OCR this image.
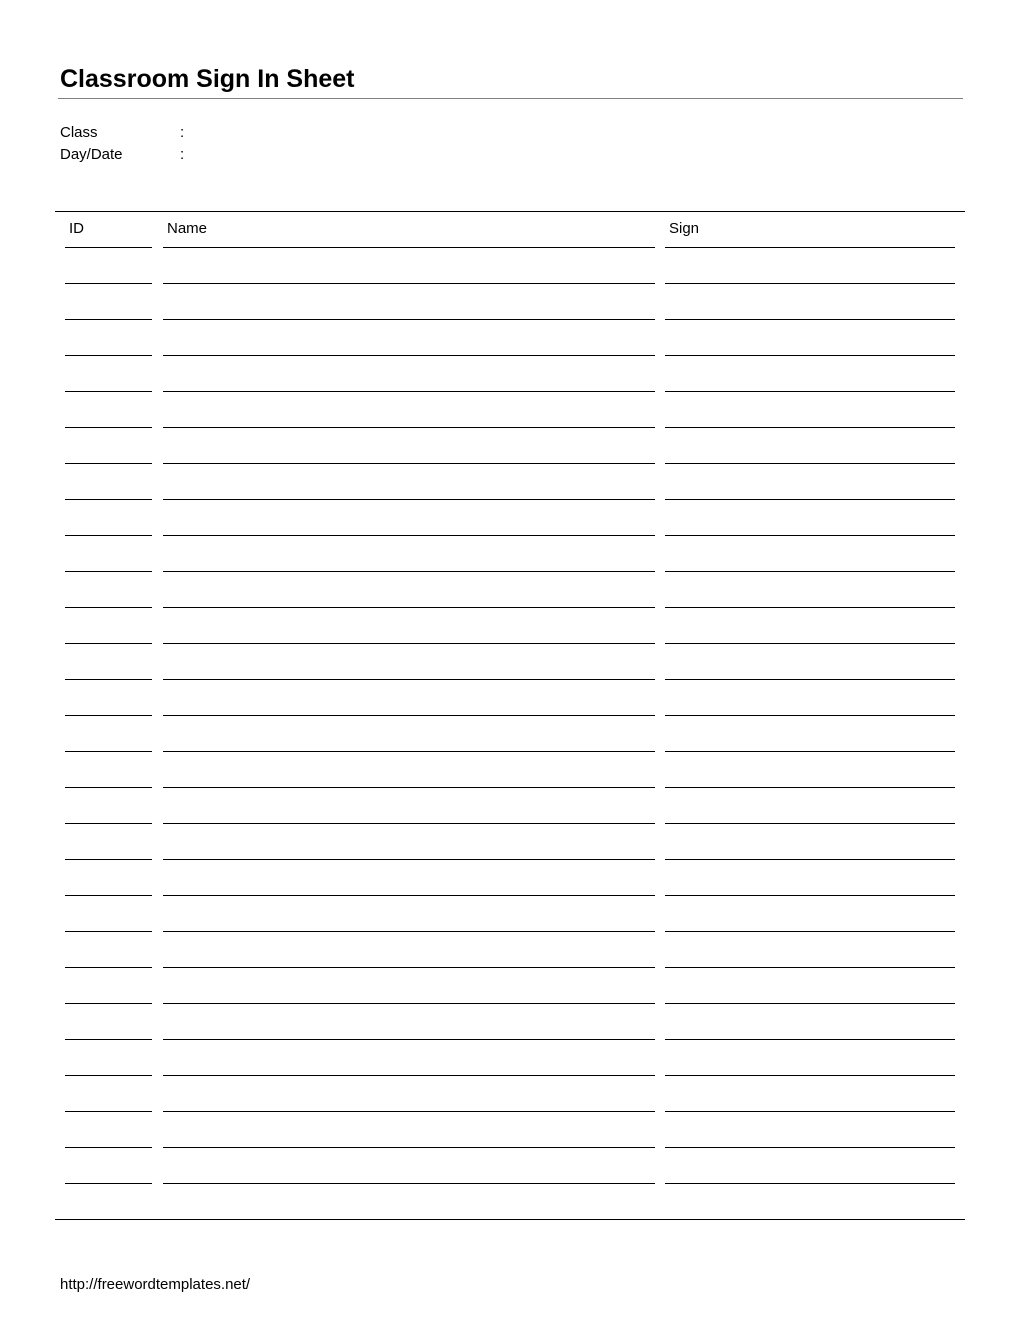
Classroom Sign In Sheet
Class	:
Day/Date	:
ID	Name	Sign
http://freewordtemplates.net/
